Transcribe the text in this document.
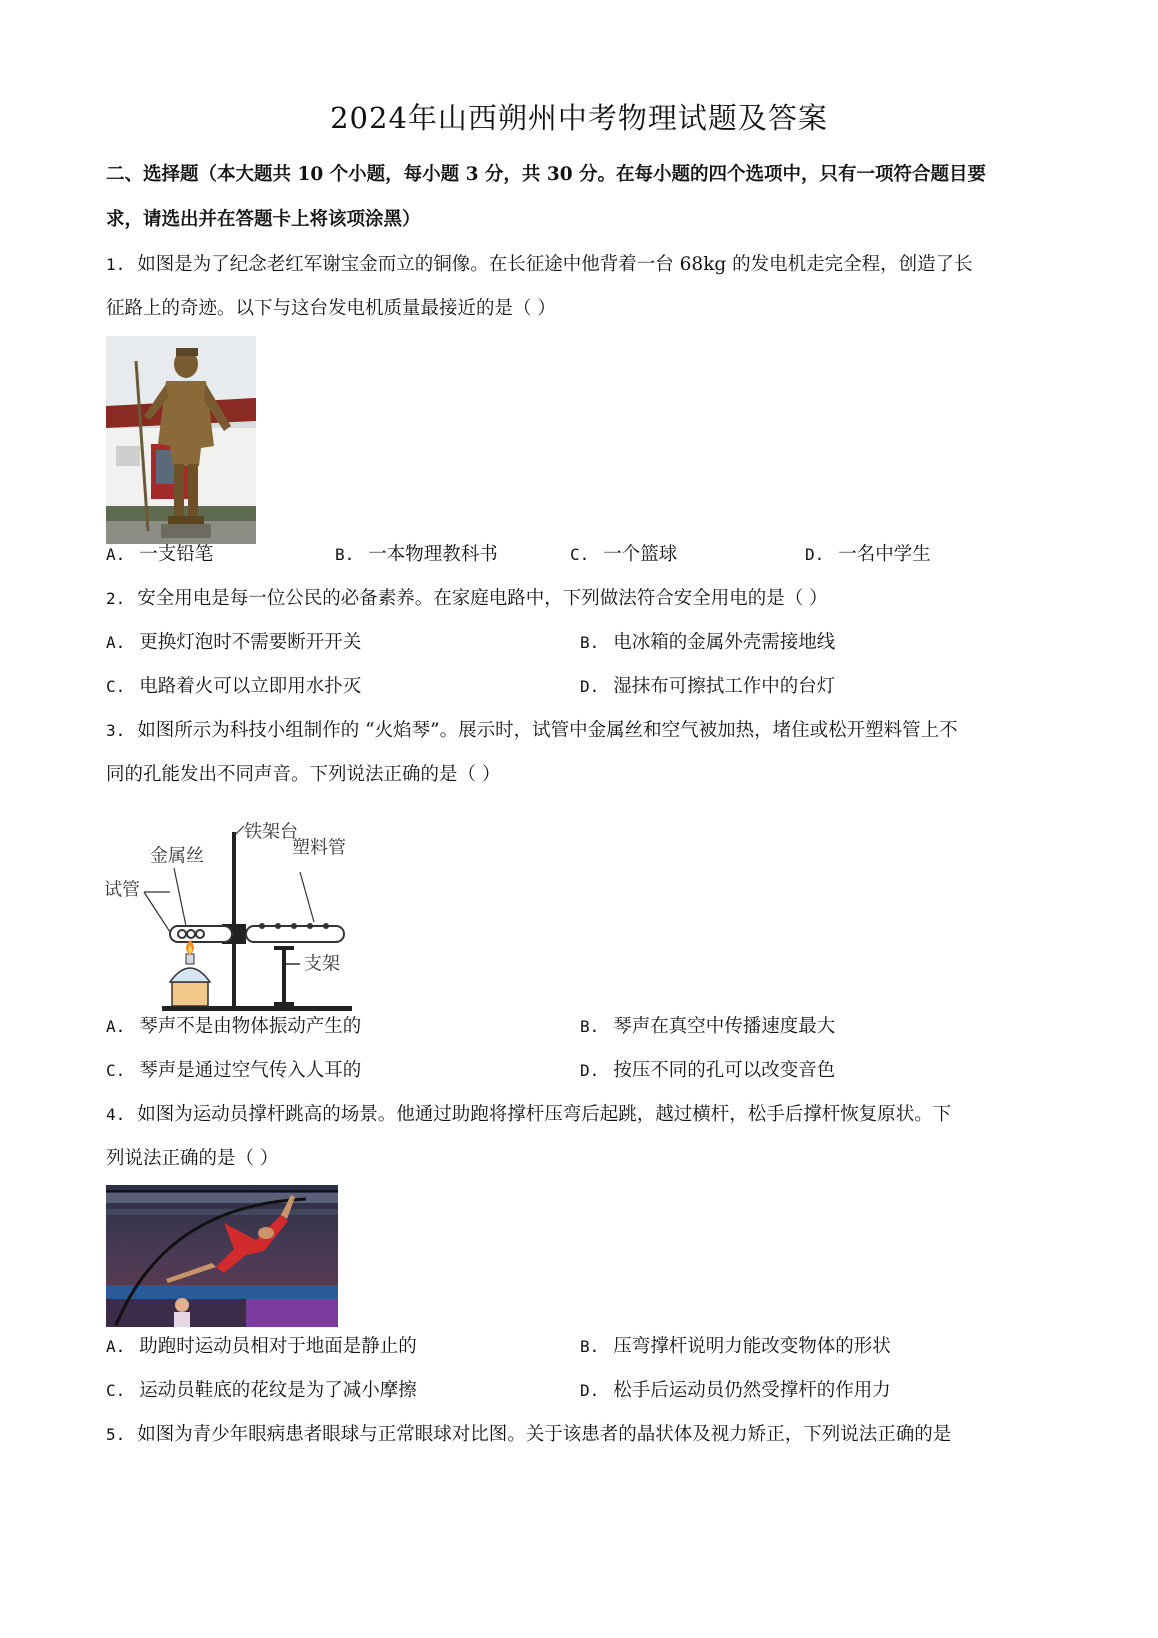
2024年山西朔州中考物理试题及答案
二、选择题（本大题共 10 个小题，每小题 3 分，共 30 分。在每小题的四个选项中，只有一项符合题目要
求，请选出并在答题卡上将该项涂黑）
1. 如图是为了纪念老红军谢宝金而立的铜像。在长征途中他背着一台 68kg 的发电机走完全程，创造了长
征路上的奇迹。以下与这台发电机质量最接近的是（ ）
A. 一支铅笔	B. 一本物理教科书	C. 一个篮球	D. 一名中学生
2. 安全用电是每一位公民的必备素养。在家庭电路中，下列做法符合安全用电的是（ ）
A. 更换灯泡时不需要断开开关	B. 电冰箱的金属外壳需接地线
C. 电路着火可以立即用水扑灭	D. 湿抹布可擦拭工作中的台灯
3. 如图所示为科技小组制作的 “火焰琴”。展示时，试管中金属丝和空气被加热，堵住或松开塑料管上不
同的孔能发出不同声音。下列说法正确的是（ ）
铁架台
塑料管
金属丝
试管
支架
A. 琴声不是由物体振动产生的	B. 琴声在真空中传播速度最大
C. 琴声是通过空气传入人耳的	D. 按压不同的孔可以改变音色
4. 如图为运动员撑杆跳高的场景。他通过助跑将撑杆压弯后起跳，越过横杆，松手后撑杆恢复原状。下
列说法正确的是（ ）
A. 助跑时运动员相对于地面是静止的	B. 压弯撑杆说明力能改变物体的形状
C. 运动员鞋底的花纹是为了减小摩擦	D. 松手后运动员仍然受撑杆的作用力
5. 如图为青少年眼病患者眼球与正常眼球对比图。关于该患者的晶状体及视力矫正，下列说法正确的是
